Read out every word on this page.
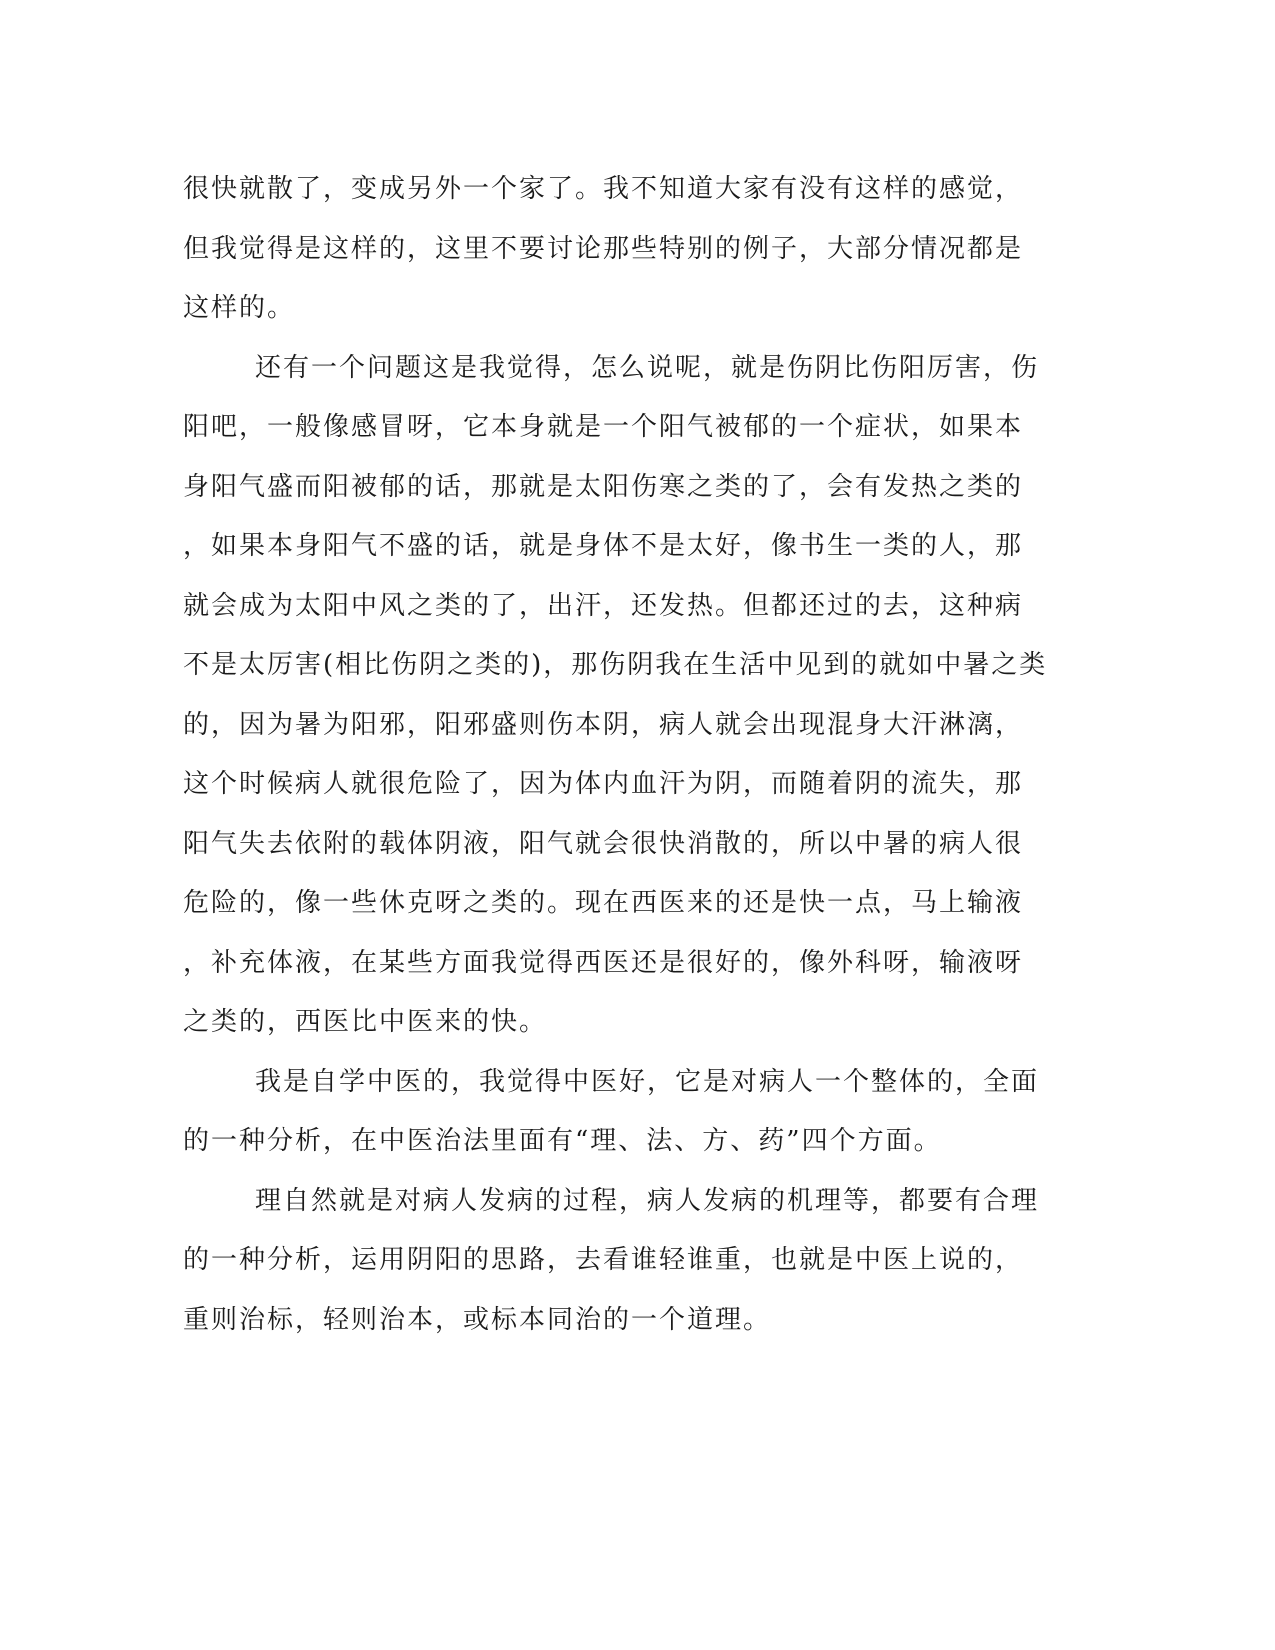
很快就散了，变成另外一个家了。我不知道大家有没有这样的感觉，
但我觉得是这样的，这里不要讨论那些特别的例子，大部分情况都是
这样的。
还有一个问题这是我觉得，怎么说呢，就是伤阴比伤阳厉害，伤
阳吧，一般像感冒呀，它本身就是一个阳气被郁的一个症状，如果本
身阳气盛而阳被郁的话，那就是太阳伤寒之类的了，会有发热之类的
，如果本身阳气不盛的话，就是身体不是太好，像书生一类的人，那
就会成为太阳中风之类的了，出汗，还发热。但都还过的去，这种病
不是太厉害(相比伤阴之类的)，那伤阴我在生活中见到的就如中暑之类
的，因为暑为阳邪，阳邪盛则伤本阴，病人就会出现混身大汗淋漓，
这个时候病人就很危险了，因为体内血汗为阴，而随着阴的流失，那
阳气失去依附的载体阴液，阳气就会很快消散的，所以中暑的病人很
危险的，像一些休克呀之类的。现在西医来的还是快一点，马上输液
，补充体液，在某些方面我觉得西医还是很好的，像外科呀，输液呀
之类的，西医比中医来的快。
我是自学中医的，我觉得中医好，它是对病人一个整体的，全面
的一种分析，在中医治法里面有“理、法、方、药”四个方面。
理自然就是对病人发病的过程，病人发病的机理等，都要有合理
的一种分析，运用阴阳的思路，去看谁轻谁重，也就是中医上说的，
重则治标，轻则治本，或标本同治的一个道理。
